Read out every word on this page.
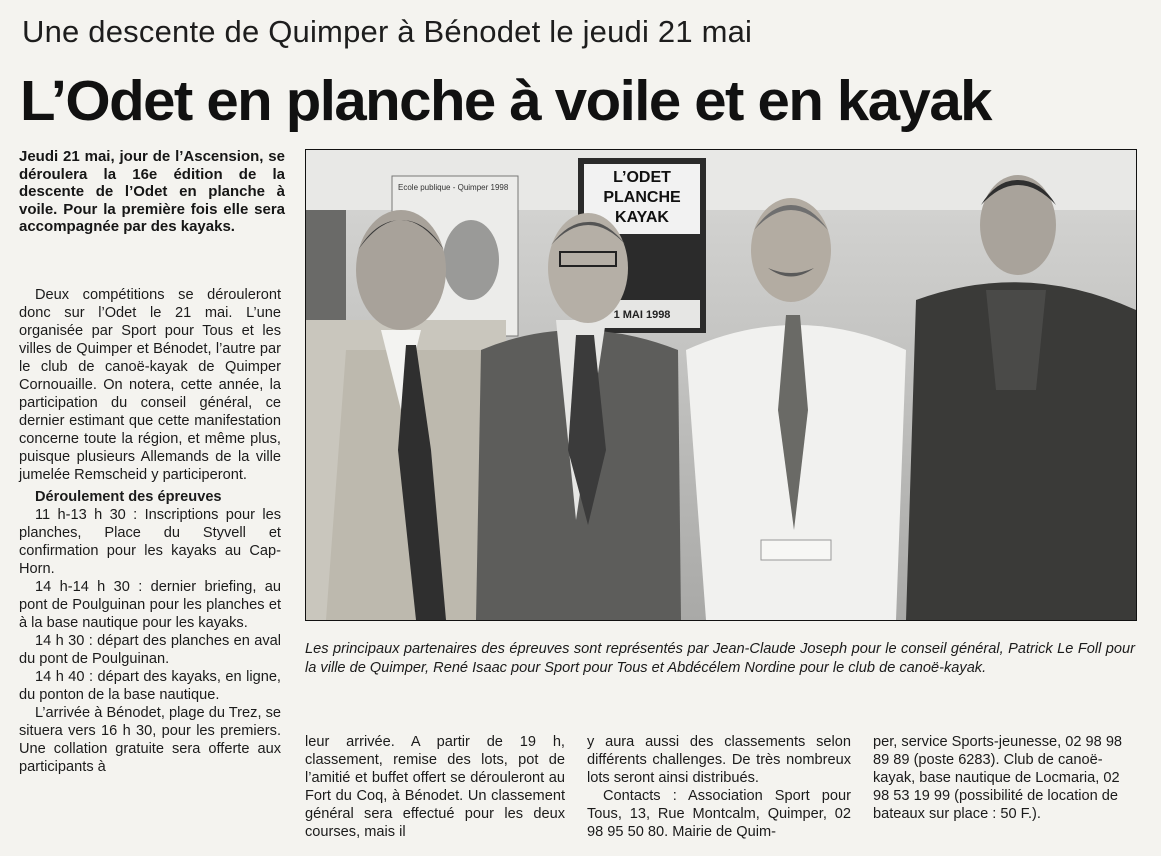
Une descente de Quimper à Bénodet le jeudi 21 mai
L’Odet en planche à voile et en kayak
Jeudi 21 mai, jour de l’Ascension, se déroulera la 16e édition de la descente de l’Odet en planche à voile. Pour la première fois elle sera accompagnée par des kayaks.

Deux compétitions se dérouleront donc sur l’Odet le 21 mai. L’une organisée par Sport pour Tous et les villes de Quimper et Bénodet, l’autre par le club de canoë-kayak de Quimper Cornouaille. On notera, cette année, la participation du conseil général, ce dernier estimant que cette manifestation concerne toute la région, et même plus, puisque plusieurs Allemands de la ville jumelée Remscheid y participeront.

Déroulement des épreuves

11 h-13 h 30 : Inscriptions pour les planches, Place du Styvell et confirmation pour les kayaks au Cap-Horn.

14 h-14 h 30 : dernier briefing, au pont de Poulguinan pour les planches et à la base nautique pour les kayaks.

14 h 30 : départ des planches en aval du pont de Poulguinan.

14 h 40 : départ des kayaks, en ligne, du ponton de la base nautique.

L’arrivée à Bénodet, plage du Trez, se situera vers 16 h 30, pour les premiers. Une collation gratuite sera offerte aux participants à

Ecole publique - Quimper 1998
L’ODET
PLANCHE
KAYAK
1 MAI 1998
Les principaux partenaires des épreuves sont représentés par Jean-Claude Joseph pour le conseil général, Patrick Le Foll pour la ville de Quimper, René Isaac pour Sport pour Tous et Abdécélem Nordine pour le club de canoë-kayak.

leur arrivée. A partir de 19 h, classement, remise des lots, pot de l’amitié et buffet offert se dérouleront au Fort du Coq, à Bénodet. Un classement général sera effectué pour les deux courses, mais il

y aura aussi des classements selon différents challenges. De très nombreux lots seront ainsi distribués.

Contacts : Association Sport pour Tous, 13, Rue Montcalm, Quimper, 02 98 95 50 80. Mairie de Quim-

per, service Sports-jeunesse, 02 98 98 89 89 (poste 6283). Club de canoë-kayak, base nautique de Locmaria, 02 98 53 19 99 (possibilité de location de bateaux sur place : 50 F.).
